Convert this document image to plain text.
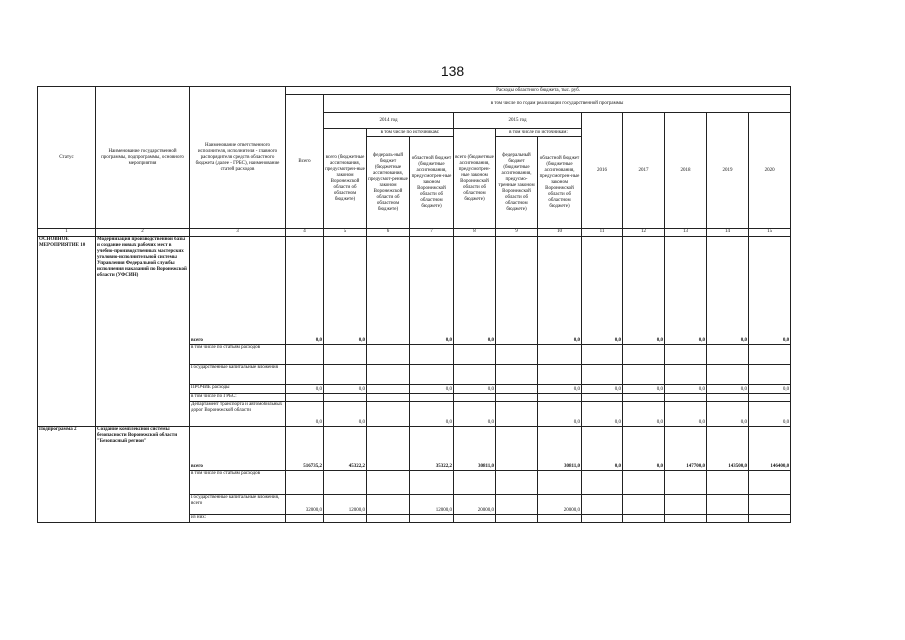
138
Статус	Наименование государственной программы, подпрограммы, основного мероприятия	Наименование ответственного исполнителя, исполнителя - главного распорядителя средств областного бюджета (далее - ГРБС), наименование статей расходов	Расходы областного бюджета, тыс. руб.											
			Всего	в том числе по годам реализации государственной программы										
				2014 год			2015 год			2016	2017	2018	2019	2020
				всего (бюджетные ассигнования, предусмотрен-ные законом Воронежской области об областном бюджете)	в том числе по источникам:		всего (бюджетные ассигнования, предусмотрен-ные законом Воронежской области об областном бюджете)	в том числе по источникам:						
					федераль-ный бюджет (бюджетные ассигнования, предусмот-ренные законом Воронежской области об областном бюджете)	областной бюджет (бюджетные ассигнования, предусмотрен-ные законом Воронежской области об областном бюджете)		федеральный бюджет (бюджетные ассигнования, предусмо-тренные законом Воронежской области об областном бюджете)	областной бюджет (бюджетные ассигнования, предусмотрен-ные законом Воронежской области об областном бюджете)					
1	2	3	4	5	6	7	8	9	10	11	12	13	14	15
ОСНОВНОЕ МЕРОПРИЯТИЕ 10	Модернизация производственной базы и создание новых рабочих мест в учебно-производственных мастерских уголовно-исполнительной системы Управления Федеральной службы исполнения наказаний по Воронежской области (УФСИН)	всего	0,0	0,0		0,0	0,0		0,0	0,0	0,0	0,0	0,0	0,0
		в том числе по статьям расходов												
		Государственные капитальные вложения												
		ПРОЧИЕ расходы	0,0	0,0		0,0	0,0		0,0	0,0	0,0	0,0	0,0	0,0
		в том числе по ГРБС:												
		Департамент транспорта и автомобильных дорог Воронежской области	0,0	0,0		0,0	0,0		0,0	0,0	0,0	0,0	0,0	0,0
Подпрограмма 2	Создание комплексной системы безопасности Воронежской области "Безопасный регион"	всего	516735,2	45322,2		35322,2	30811,0		30811,0	0,0	0,0	147700,0	143500,0	146400,0
		в том числе по статьям расходов												
		Государственные капитальные вложения, всего	32000,0	12000,0		12000,0	20000,0		20000,0					
		из них:												
